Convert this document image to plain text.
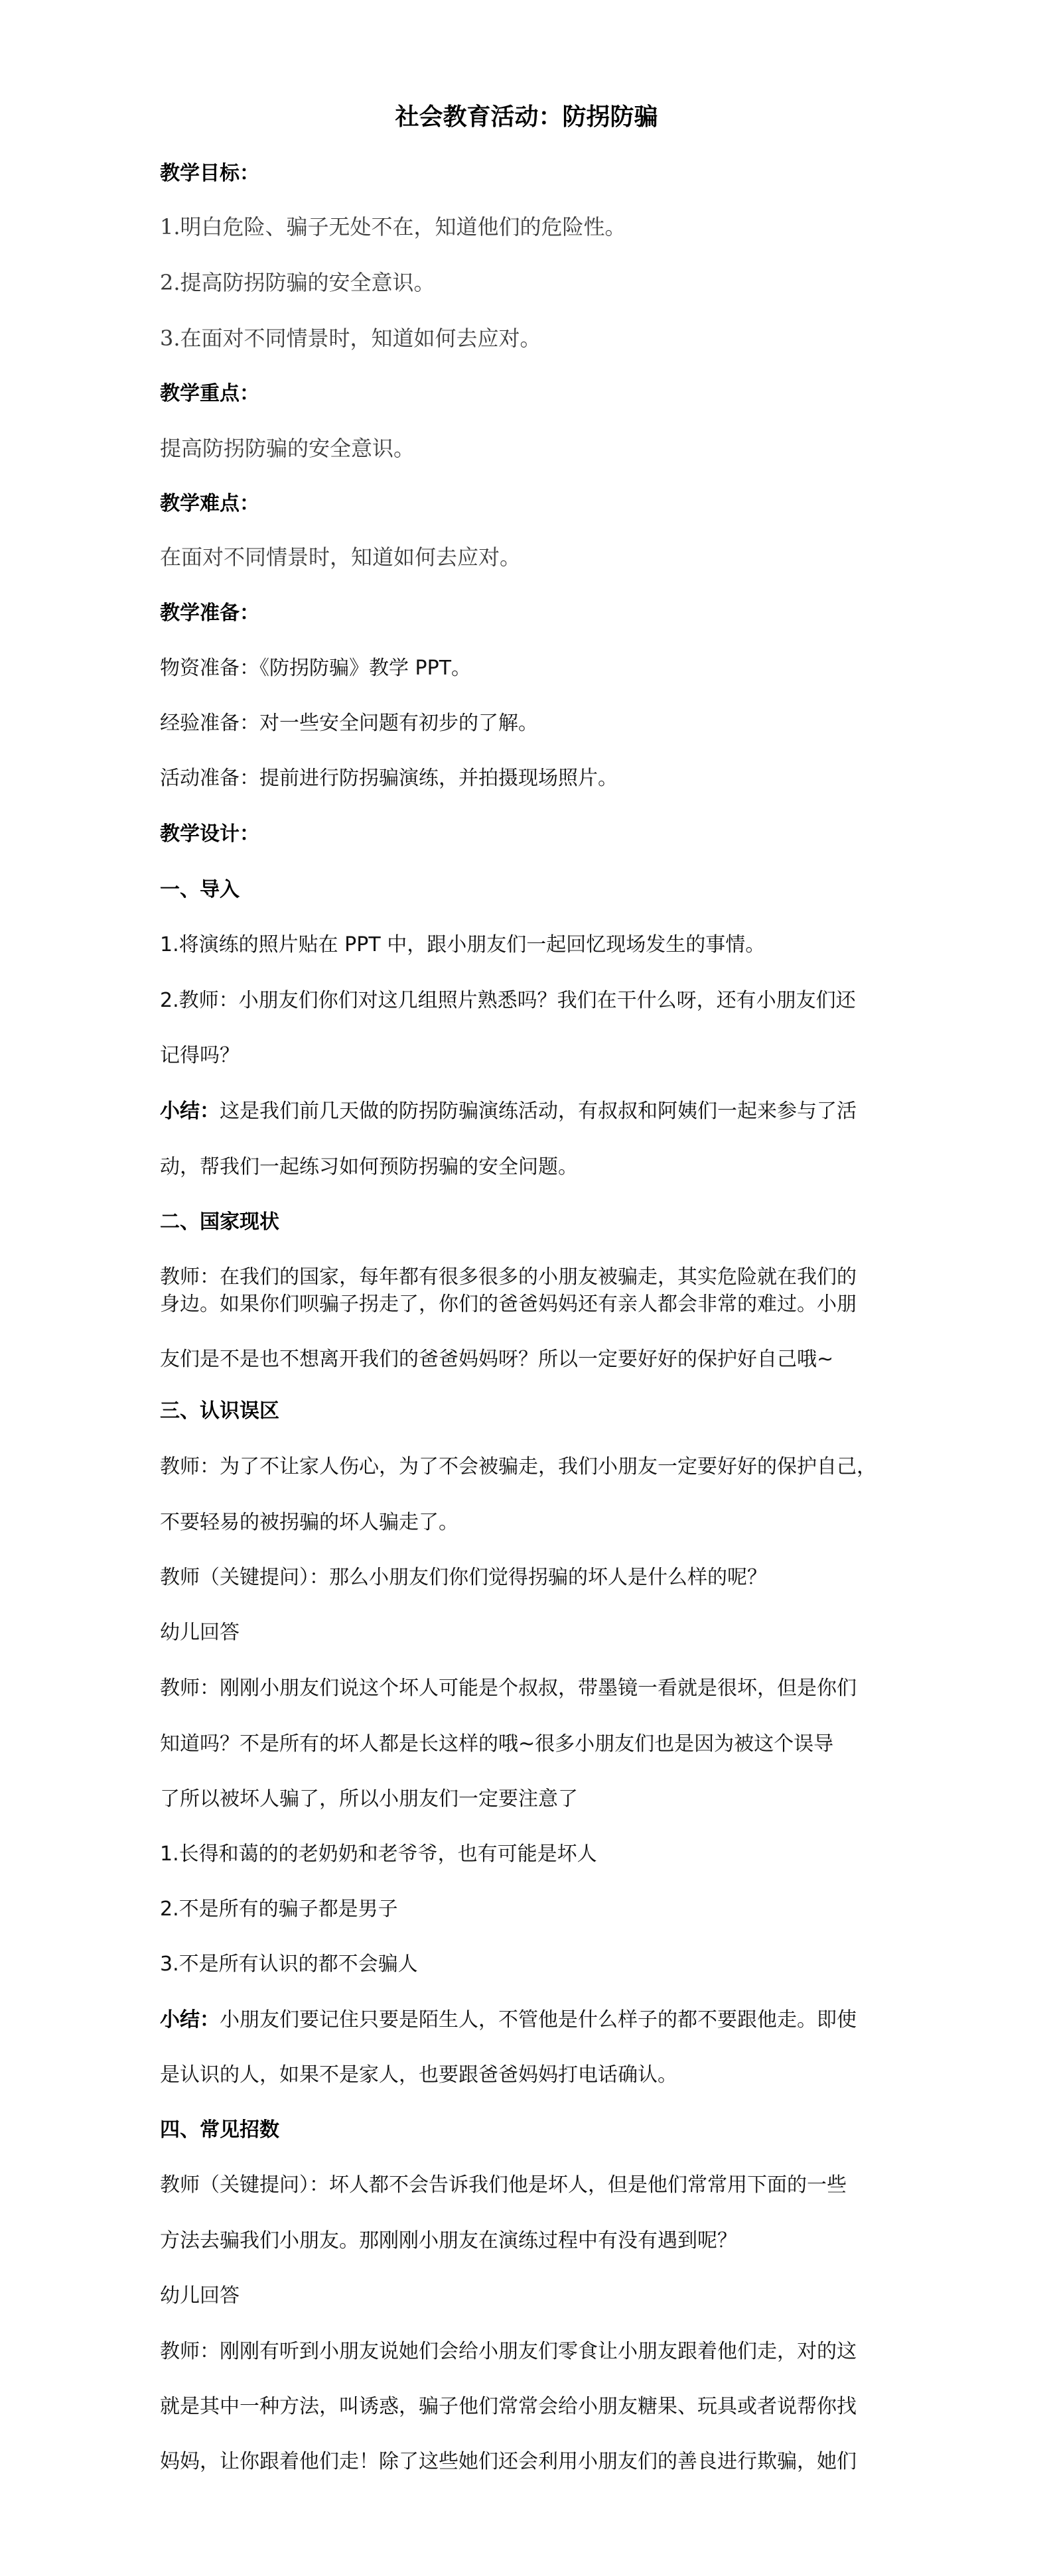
社会教育活动：防拐防骗
教学目标：
1.明白危险、骗子无处不在，知道他们的危险性。
2.提高防拐防骗的安全意识。
3.在面对不同情景时，知道如何去应对。
教学重点：
提高防拐防骗的安全意识。
教学难点：
在面对不同情景时，知道如何去应对。
教学准备：
物资准备：《防拐防骗》教学 PPT。
经验准备：对一些安全问题有初步的了解。
活动准备：提前进行防拐骗演练，并拍摄现场照片。
教学设计：
一、导入
1.将演练的照片贴在 PPT 中，跟小朋友们一起回忆现场发生的事情。
2.教师：小朋友们你们对这几组照片熟悉吗？我们在干什么呀，还有小朋友们还
记得吗？
小结：这是我们前几天做的防拐防骗演练活动，有叔叔和阿姨们一起来参与了活
动，帮我们一起练习如何预防拐骗的安全问题。
二、国家现状
教师：在我们的国家，每年都有很多很多的小朋友被骗走，其实危险就在我们的
身边。如果你们呗骗子拐走了，你们的爸爸妈妈还有亲人都会非常的难过。小朋
友们是不是也不想离开我们的爸爸妈妈呀？所以一定要好好的保护好自己哦~
三、认识误区
教师：为了不让家人伤心，为了不会被骗走，我们小朋友一定要好好的保护自己，
不要轻易的被拐骗的坏人骗走了。
教师（关键提问）：那么小朋友们你们觉得拐骗的坏人是什么样的呢？
幼儿回答
教师：刚刚小朋友们说这个坏人可能是个叔叔，带墨镜一看就是很坏，但是你们
知道吗？不是所有的坏人都是长这样的哦~很多小朋友们也是因为被这个误导
了所以被坏人骗了，所以小朋友们一定要注意了
1.长得和蔼的的老奶奶和老爷爷，也有可能是坏人
2.不是所有的骗子都是男子
3.不是所有认识的都不会骗人
小结：小朋友们要记住只要是陌生人，不管他是什么样子的都不要跟他走。即使
是认识的人，如果不是家人，也要跟爸爸妈妈打电话确认。
四、常见招数
教师（关键提问）：坏人都不会告诉我们他是坏人，但是他们常常用下面的一些
方法去骗我们小朋友。那刚刚小朋友在演练过程中有没有遇到呢？
幼儿回答
教师：刚刚有听到小朋友说她们会给小朋友们零食让小朋友跟着他们走，对的这
就是其中一种方法，叫诱惑，骗子他们常常会给小朋友糖果、玩具或者说帮你找
妈妈，让你跟着他们走！除了这些她们还会利用小朋友们的善良进行欺骗，她们
